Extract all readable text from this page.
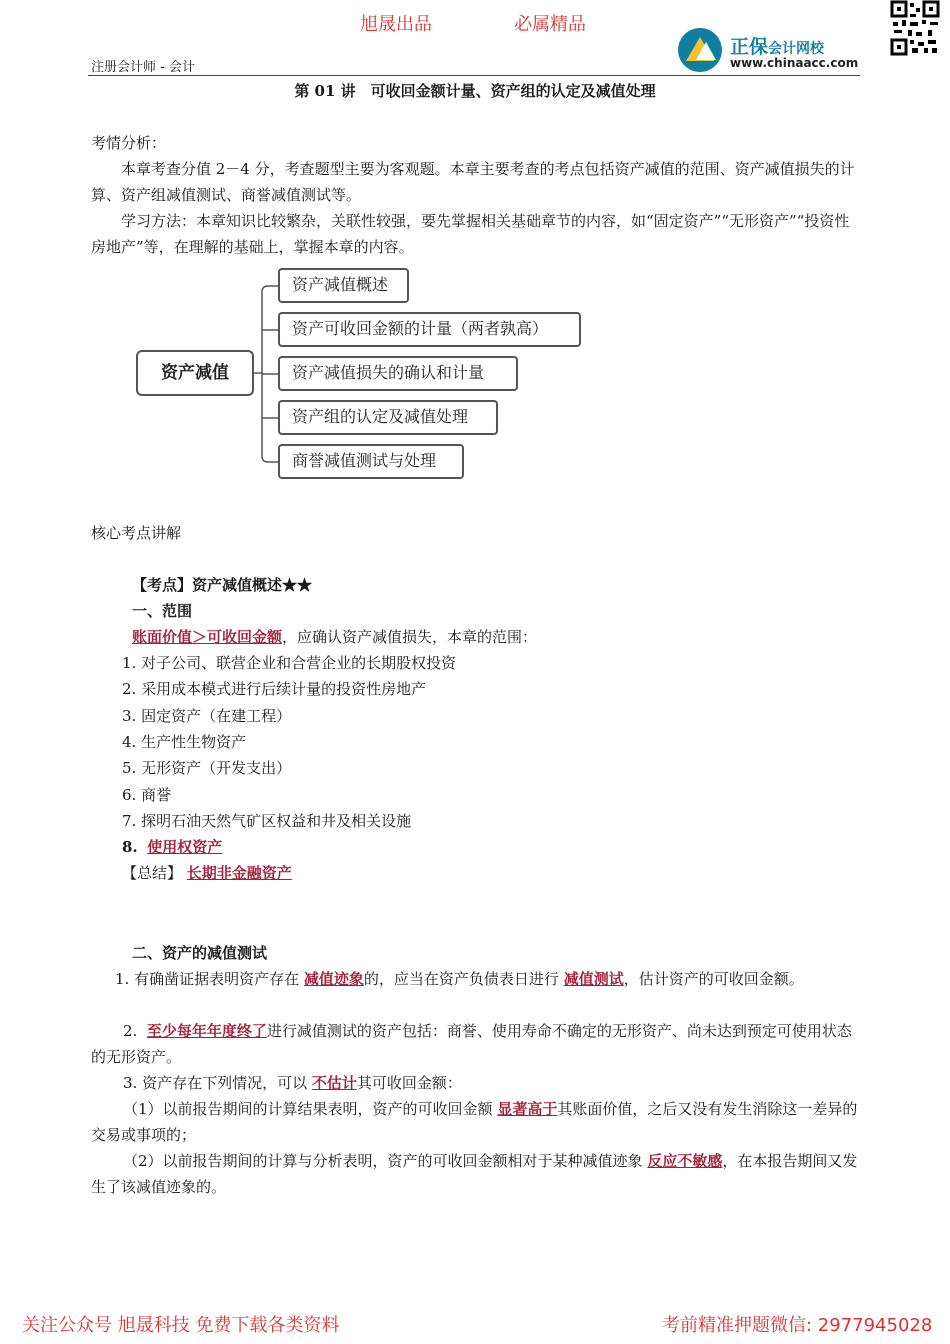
旭晟出品	必属精品
正保会计网校
www.chinaacc.com
注册会计师 - 会计
第 01 讲　可收回金额计量、资产组的认定及减值处理
考情分析：
本章考查分值 2－4 分，考查题型主要为客观题。本章主要考查的考点包括资产减值的范围、资产减值损失的计算、资产组减值测试、商誉减值测试等。
学习方法：本章知识比较繁杂，关联性较强，要先掌握相关基础章节的内容，如“固定资产”“无形资产”“投资性房地产”等，在理解的基础上，掌握本章的内容。
资产减值
资产减值概述
资产可收回金额的计量（两者孰高）
资产减值损失的确认和计量
资产组的认定及减值处理
商誉减值测试与处理
核心考点讲解
【考点】资产减值概述★★
一、范围
账面价值＞可收回金额，应确认资产减值损失，本章的范围：
1. 对子公司、联营企业和合营企业的长期股权投资
2. 采用成本模式进行后续计量的投资性房地产
3. 固定资产（在建工程）
4. 生产性生物资产
5. 无形资产（开发支出）
6. 商誉
7. 探明石油天然气矿区权益和井及相关设施
8. 使用权资产
【总结】 长期非金融资产
二、资产的减值测试
1. 有确凿证据表明资产存在 减值迹象的，应当在资产负债表日进行 减值测试，估计资产的可收回金额。
2. 至少每年年度终了进行减值测试的资产包括：商誉、使用寿命不确定的无形资产、尚未达到预定可使用状态的无形资产。
3. 资产存在下列情况，可以 不估计其可收回金额：
（1）以前报告期间的计算结果表明，资产的可收回金额 显著高于其账面价值，之后又没有发生消除这一差异的交易或事项的；
（2）以前报告期间的计算与分析表明，资产的可收回金额相对于某种减值迹象 反应不敏感，在本报告期间又发生了该减值迹象的。
关注公众号 旭晟科技 免费下载各类资料	考前精准押题微信: 2977945028
